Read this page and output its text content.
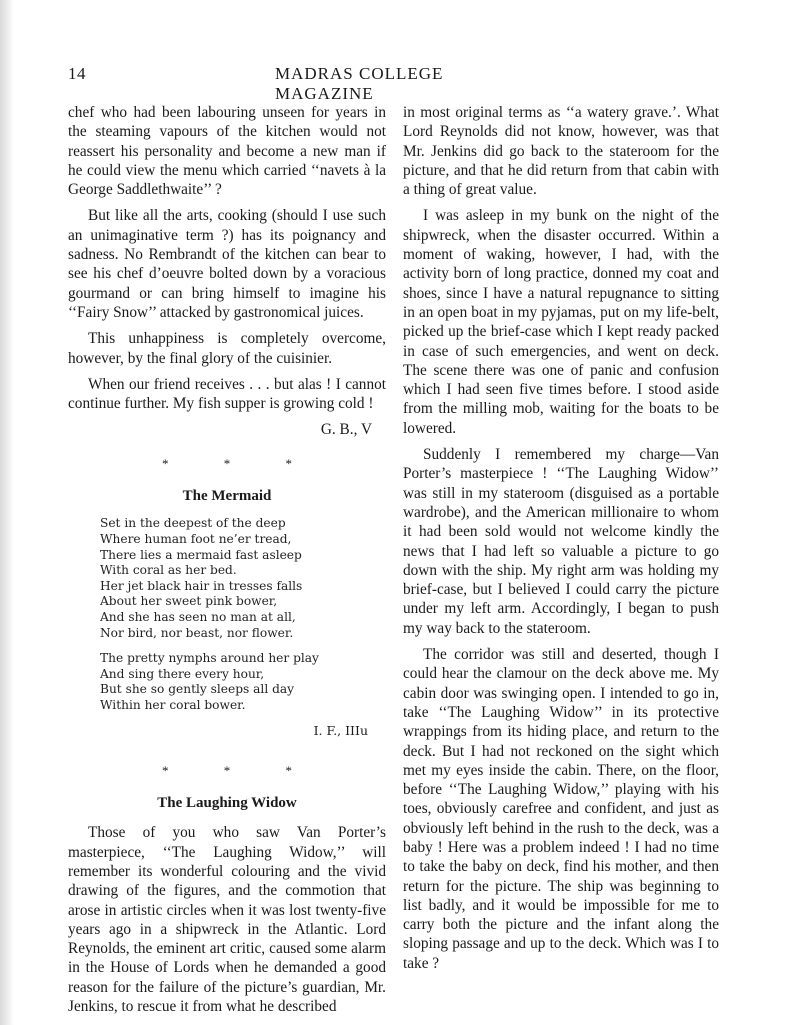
14	MADRAS COLLEGE MAGAZINE

chef who had been labouring unseen for years in the steaming vapours of the kitchen would not reassert his personality and become a new man if he could view the menu which carried ‘‘navets à la George Saddlethwaite’’ ?

But like all the arts, cooking (should I use such an unimaginative term ?) has its poignancy and sadness. No Rembrandt of the kitchen can bear to see his chef d’oeuvre bolted down by a voracious gourmand or can bring himself to imagine his ‘‘Fairy Snow’’ attacked by gastronomical juices.

This unhappiness is completely overcome, however, by the final glory of the cuisinier.

When our friend receives . . . but alas ! I cannot continue further. My fish supper is growing cold !

G. B., V
* * *
The Mermaid
Set in the deepest of the deep
Where human foot ne’er tread,
There lies a mermaid fast asleep
With coral as her bed.
Her jet black hair in tresses falls
About her sweet pink bower,
And she has seen no man at all,
Nor bird, nor beast, nor flower.
The pretty nymphs around her play
And sing there every hour,
But she so gently sleeps all day
Within her coral bower.
I. F., IIIu
* * *
The Laughing Widow

Those of you who saw Van Porter’s masterpiece, ‘‘The Laughing Widow,’’ will remember its wonderful colouring and the vivid drawing of the figures, and the commotion that arose in artistic circles when it was lost twenty-five years ago in a shipwreck in the Atlantic. Lord Reynolds, the eminent art critic, caused some alarm in the House of Lords when he demanded a good reason for the failure of the picture’s guardian, Mr. Jenkins, to rescue it from what he described

in most original terms as ‘‘a watery grave.’. What Lord Reynolds did not know, however, was that Mr. Jenkins did go back to the stateroom for the picture, and that he did return from that cabin with a thing of great value.

I was asleep in my bunk on the night of the shipwreck, when the disaster occurred. Within a moment of waking, however, I had, with the activity born of long practice, donned my coat and shoes, since I have a natural repugnance to sitting in an open boat in my pyjamas, put on my life-belt, picked up the brief-case which I kept ready packed in case of such emergencies, and went on deck. The scene there was one of panic and confusion which I had seen five times before. I stood aside from the milling mob, waiting for the boats to be lowered.

Suddenly I remembered my charge—Van Porter’s masterpiece ! ‘‘The Laughing Widow’’ was still in my stateroom (disguised as a portable wardrobe), and the American millionaire to whom it had been sold would not welcome kindly the news that I had left so valuable a picture to go down with the ship. My right arm was holding my brief-case, but I believed I could carry the picture under my left arm. Accordingly, I began to push my way back to the stateroom.

The corridor was still and deserted, though I could hear the clamour on the deck above me. My cabin door was swinging open. I intended to go in, take ‘‘The Laughing Widow’’ in its protective wrappings from its hiding place, and return to the deck. But I had not reckoned on the sight which met my eyes inside the cabin. There, on the floor, before ‘‘The Laughing Widow,’’ playing with his toes, obviously carefree and confident, and just as obviously left behind in the rush to the deck, was a baby ! Here was a problem indeed ! I had no time to take the baby on deck, find his mother, and then return for the picture. The ship was beginning to list badly, and it would be impossible for me to carry both the picture and the infant along the sloping passage and up to the deck. Which was I to take ?
